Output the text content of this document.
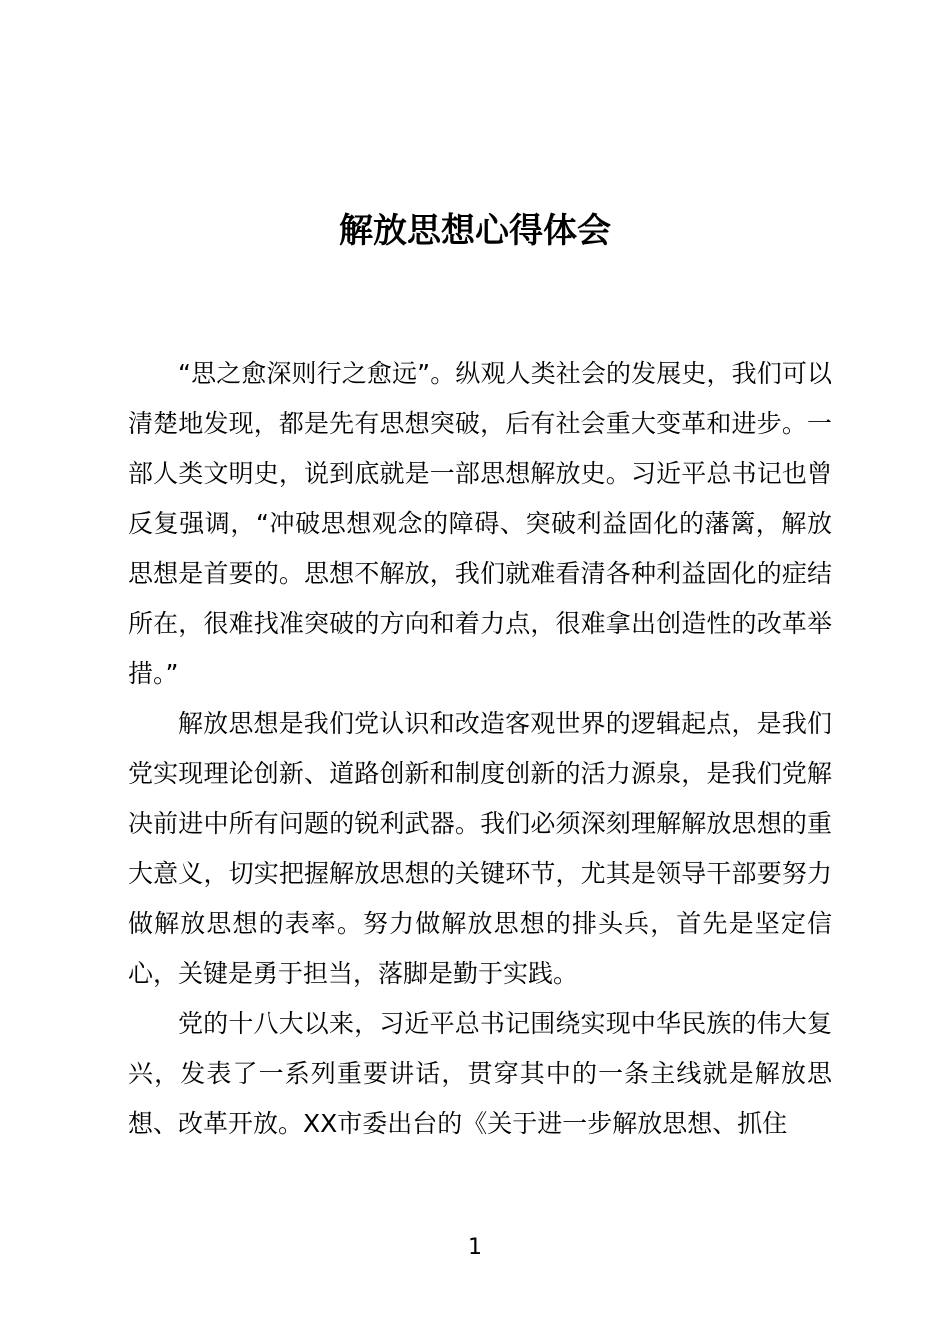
解放思想心得体会

“思之愈深则行之愈远”。纵观人类社会的发展史，我们可以清楚地发现，都是先有思想突破，后有社会重大变革和进步。一部人类文明史，说到底就是一部思想解放史。习近平总书记也曾反复强调，“冲破思想观念的障碍、突破利益固化的藩篱，解放思想是首要的。思想不解放，我们就难看清各种利益固化的症结所在，很难找准突破的方向和着力点，很难拿出创造性的改革举措。”

解放思想是我们党认识和改造客观世界的逻辑起点，是我们党实现理论创新、道路创新和制度创新的活力源泉，是我们党解决前进中所有问题的锐利武器。我们必须深刻理解解放思想的重大意义，切实把握解放思想的关键环节，尤其是领导干部要努力做解放思想的表率。努力做解放思想的排头兵，首先是坚定信心，关键是勇于担当，落脚是勤于实践。

党的十八大以来，习近平总书记围绕实现中华民族的伟大复兴，发表了一系列重要讲话，贯穿其中的一条主线就是解放思想、改革开放。XX市委出台的《关于进一步解放思想、抓住

1
